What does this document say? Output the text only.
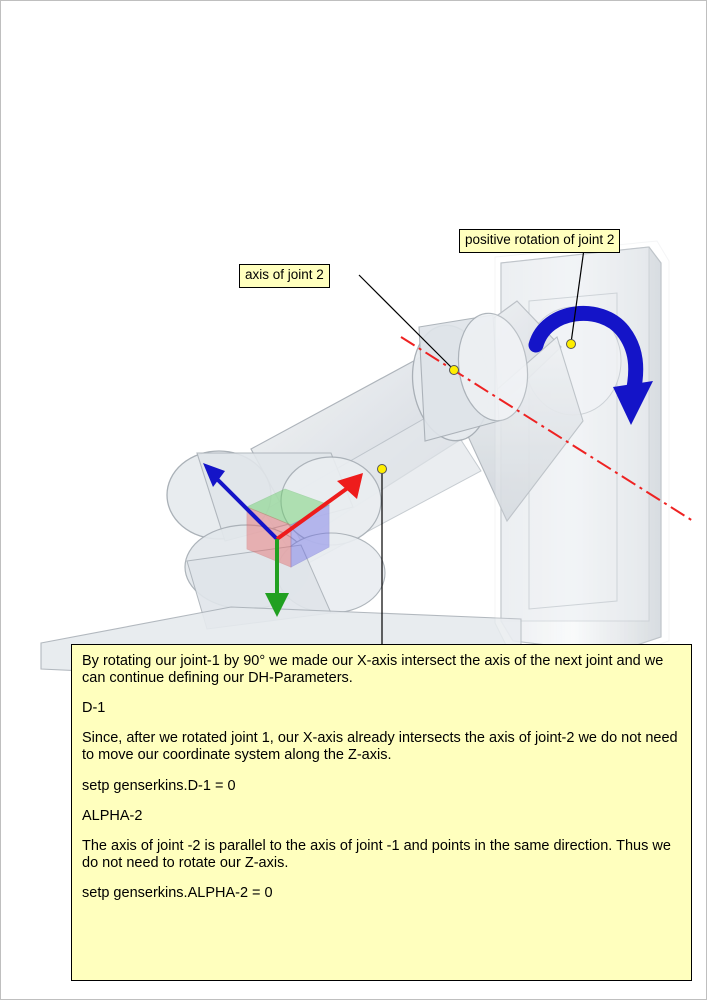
axis of joint 2
positive rotation of joint 2

By rotating our joint-1 by 90° we made our X-axis intersect the axis of the next joint and we can continue defining our DH-Parameters.

D-1

Since, after we rotated joint 1, our X-axis already intersects the axis of joint-2 we do not need to move our coordinate system along the Z-axis.

setp genserkins.D-1 = 0

ALPHA-2

The axis of joint -2 is parallel to the axis of joint -1 and points in the same direction. Thus we do not need to rotate our Z-axis.

setp genserkins.ALPHA-2 = 0
